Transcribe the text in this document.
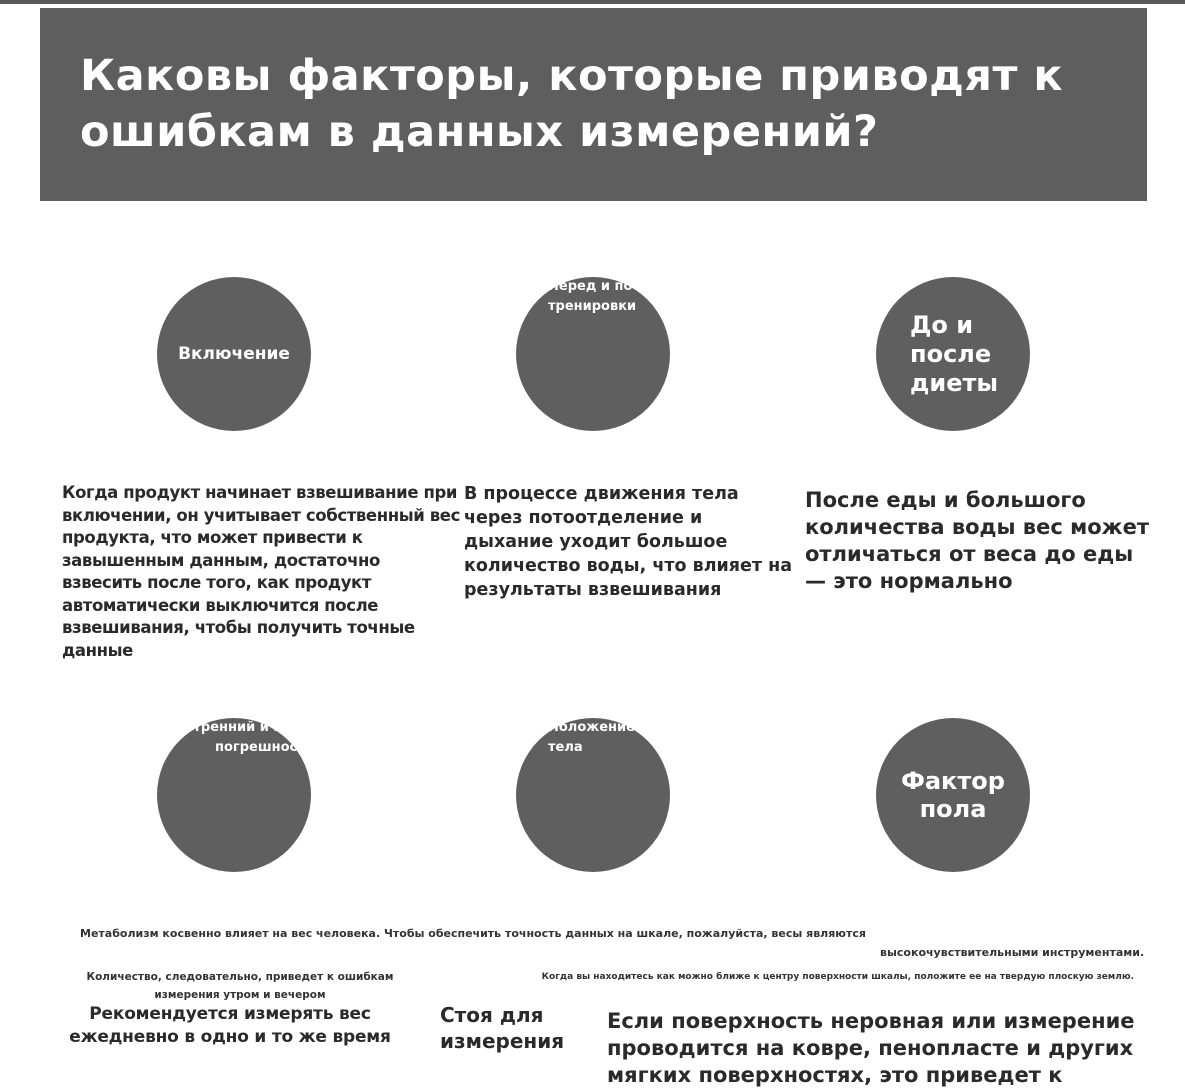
Каковы факторы, которые приводят к ошибкам в данных измерений?
Включение
Перед и после
тренировки
До и
после
диеты

Когда продукт начинает взвешивание при включении, он учитывает собственный вес продукта, что может привести к завышенным данным, достаточно взвесить после того, как продукт автоматически выключится после взвешивания, чтобы получить точные данные

В процессе движения тела через потоотделение и дыхание уходит большое количество воды, что влияет на результаты взвешивания

После еды и большого количества воды вес может отличаться от веса до еды — это нормально

Утренний и вечерний
погрешность
Положение
тела
Фактор
пола

Метаболизм косвенно влияет на вес человека. Чтобы обеспечить точность данных на шкале, пожалуйста, весы являются

высокочувствительными инструментами.

Количество, следовательно, приведет к ошибкам измерения утром и вечером

Когда вы находитесь как можно ближе к центру поверхности шкалы, положите ее на твердую плоскую землю.

Рекомендуется измерять вес ежедневно в одно и то же время

Стоя для измерения

Если поверхность неровная или измерение проводится на ковре, пенопласте и других мягких поверхностях, это приведет к
